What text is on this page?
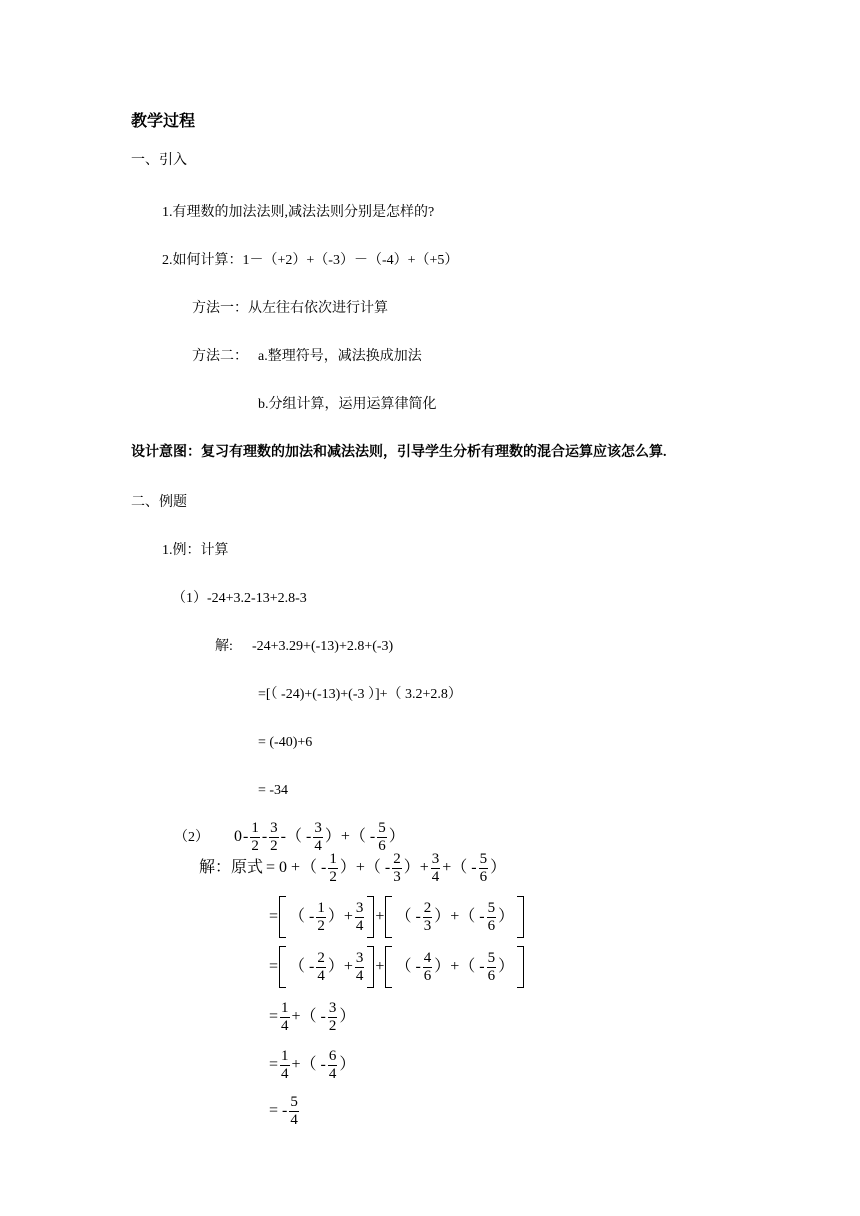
教学过程
一、引入
1.有理数的加法法则,减法法则分别是怎样的?
2.如何计算：1－（+2）+（-3）－（-4）+（+5）
方法一：从左往右依次进行计算
方法二： a.整理符号，减法换成加法
b.分组计算，运用运算律简化
设计意图：复习有理数的加法和减法法则，引导学生分析有理数的混合运算应该怎么算.
二、例题
1.例：计算
（1）-24+3.2-13+2.8-3
解: -24+3.29+(-13)+2.8+(-3)
=[（ -24)+(-13)+(-3 ）]+（ 3.2+2.8）
= (-40)+6
= -34
（2） $0 - \frac{1}{2} - \frac{3}{2}$ -（ - $\frac{3}{4}$ ）+（ - $\frac{5}{6}$ ）
解：原式 = 0 + （ - $\frac{1}{2}$ ）+（ - $\frac{2}{3}$ ）+ $\frac{3}{4}$ +（ - $\frac{5}{6}$ ）
= （ - $\frac{1}{2}$ ）+ $\frac{3}{4}$ + （ - $\frac{2}{3}$ ）+（ - $\frac{5}{6}$ ）
= （ - $\frac{2}{4}$ ）+ $\frac{3}{4}$ + （ - $\frac{4}{6}$ ）+（ - $\frac{5}{6}$ ）
= $\frac{1}{4}$ +（ - $\frac{3}{2}$ ）
= $\frac{1}{4}$ +（ - $\frac{6}{4}$ ）
= - $\frac{5}{4}$
